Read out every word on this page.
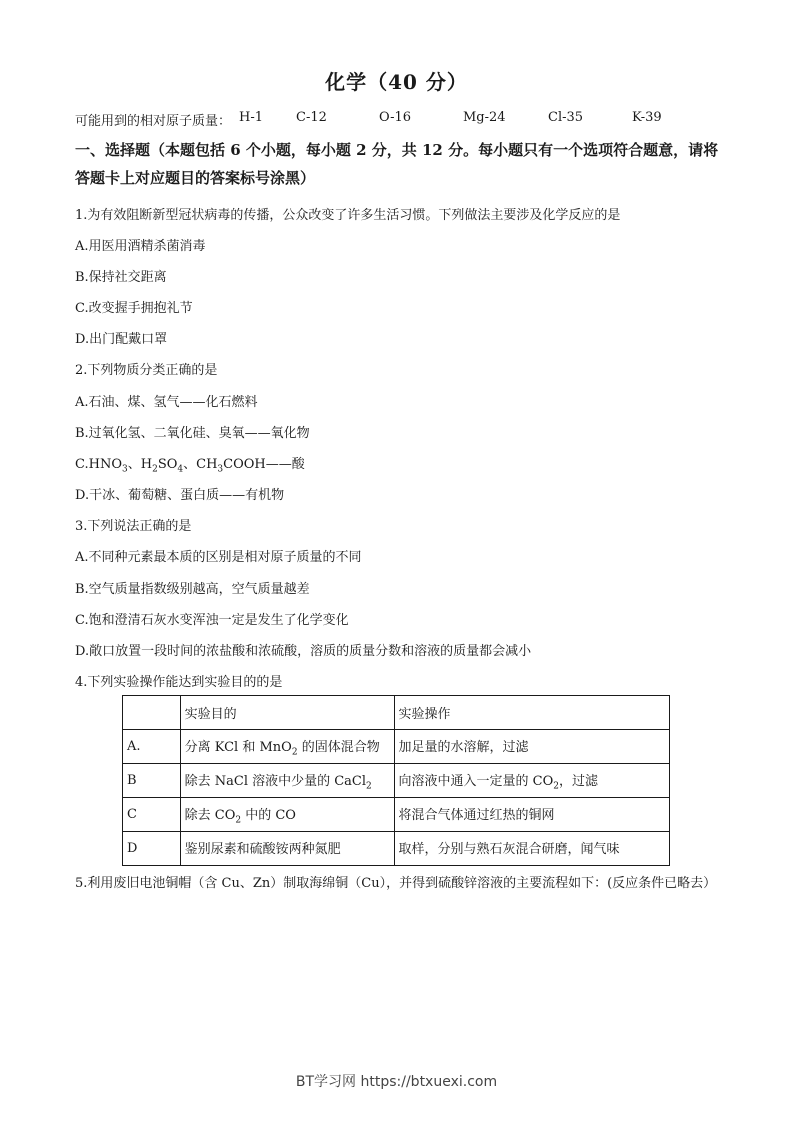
化学（40 分）
可能用到的相对原子质量： H-1	C-12	O-16	Mg-24	Cl-35	K-39
一、选择题（本题包括 6 个小题，每小题 2 分，共 12 分。每小题只有一个选项符合题意，请将答题卡上对应题目的答案标号涂黑）
1.为有效阻断新型冠状病毒的传播，公众改变了许多生活习惯。下列做法主要涉及化学反应的是
A.用医用酒精杀菌消毒
B.保持社交距离
C.改变握手拥抱礼节
D.出门配戴口罩
2.下列物质分类正确的是
A.石油、煤、氢气——化石燃料
B.过氧化氢、二氧化硅、臭氧——氧化物
$C.HNO_3$、$H_2SO_4$、$CH_3COOH——$酸
D.干冰、葡萄糖、蛋白质——有机物
3.下列说法正确的是
A.不同种元素最本质的区别是相对原子质量的不同
B.空气质量指数级别越高，空气质量越差
C.饱和澄清石灰水变浑浊一定是发生了化学变化
D.敞口放置一段时间的浓盐酸和浓硫酸，溶质的质量分数和溶液的质量都会减小
4.下列实验操作能达到实验目的的是
	实验目的	实验操作
A.	分离 KCl 和 MnO$_2$ 的固体混合物	加足量的水溶解，过滤
B	除去 NaCl 溶液中少量的 CaCl$_2$	向溶液中通入一定量的 $CO_2$，过滤
C	除去 $CO_2$ 中的 CO	将混合气体通过红热的铜网
D	鉴别尿素和硫酸铵两种氮肥	取样，分别与熟石灰混合研磨，闻气味
5.利用废旧电池铜帽（含 Cu、Zn）制取海绵铜（Cu），并得到硫酸锌溶液的主要流程如下：(反应条件已略去）
BT学习网 https://btxuexi.com
